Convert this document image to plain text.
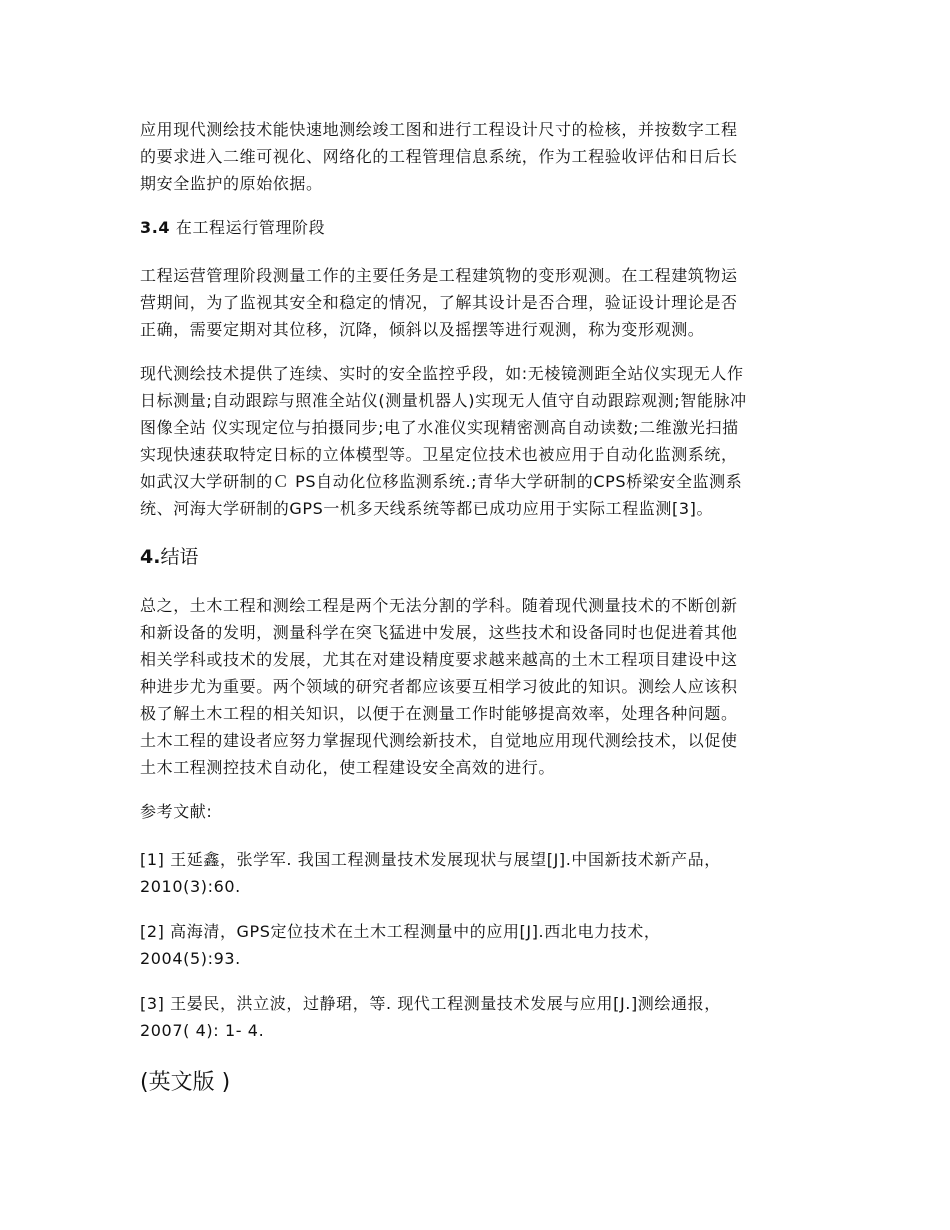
应用现代测绘技术能快速地测绘竣工图和进行工程设计尺寸的检核，并按数字工程
的要求进入二维可视化、网络化的工程管理信息系统，作为工程验收评估和日后长
期安全监护的原始依据。
3.4 在工程运行管理阶段
工程运营管理阶段测量工作的主要任务是工程建筑物的变形观测。在工程建筑物运
营期间，为了监视其安全和稳定的情况，了解其设计是否合理，验证设计理论是否
正确，需要定期对其位移，沉降，倾斜以及摇摆等进行观测，称为变形观测。
现代测绘技术提供了连续、实时的安全监控乎段，如:无棱镜测距全站仪实现无人作
日标测量;自动跟踪与照准全站仪(测量机器人)实现无人值守自动跟踪观测;智能脉冲
图像全站 仪实现定位与拍摄同步;电了水准仪实现精密测高自动读数;二维激光扫描
实现快速获取特定日标的立体模型等。卫星定位技术也被应用于自动化监测系统，
如武汉大学研制的Ｃ PS自动化位移监测系统.;青华大学研制的CPS桥梁安全监测系
统、河海大学研制的GPS一机多天线系统等都已成功应用于实际工程监测[3]。
4.结语
总之，土木工程和测绘工程是两个无法分割的学科。随着现代测量技术的不断创新
和新设备的发明，测量科学在突飞猛进中发展，这些技术和设备同时也促进着其他
相关学科或技术的发展，尤其在对建设精度要求越来越高的土木工程项目建设中这
种进步尤为重要。两个领域的研究者都应该要互相学习彼此的知识。测绘人应该积
极了解土木工程的相关知识，以便于在测量工作时能够提高效率，处理各种问题。
土木工程的建设者应努力掌握现代测绘新技术，自觉地应用现代测绘技术，以促使
土木工程测控技术自动化，使工程建设安全高效的进行。
参考文献:
[1] 王延鑫，张学军. 我国工程测量技术发展现状与展望[J].中国新技术新产品，
2010(3):60.
[2] 高海清，GPS定位技术在土木工程测量中的应用[J].西北电力技术，
2004(5):93.
[3] 王晏民，洪立波，过静珺，等. 现代工程测量技术发展与应用[J.]测绘通报，
2007( 4): 1- 4.
(英文版 )
